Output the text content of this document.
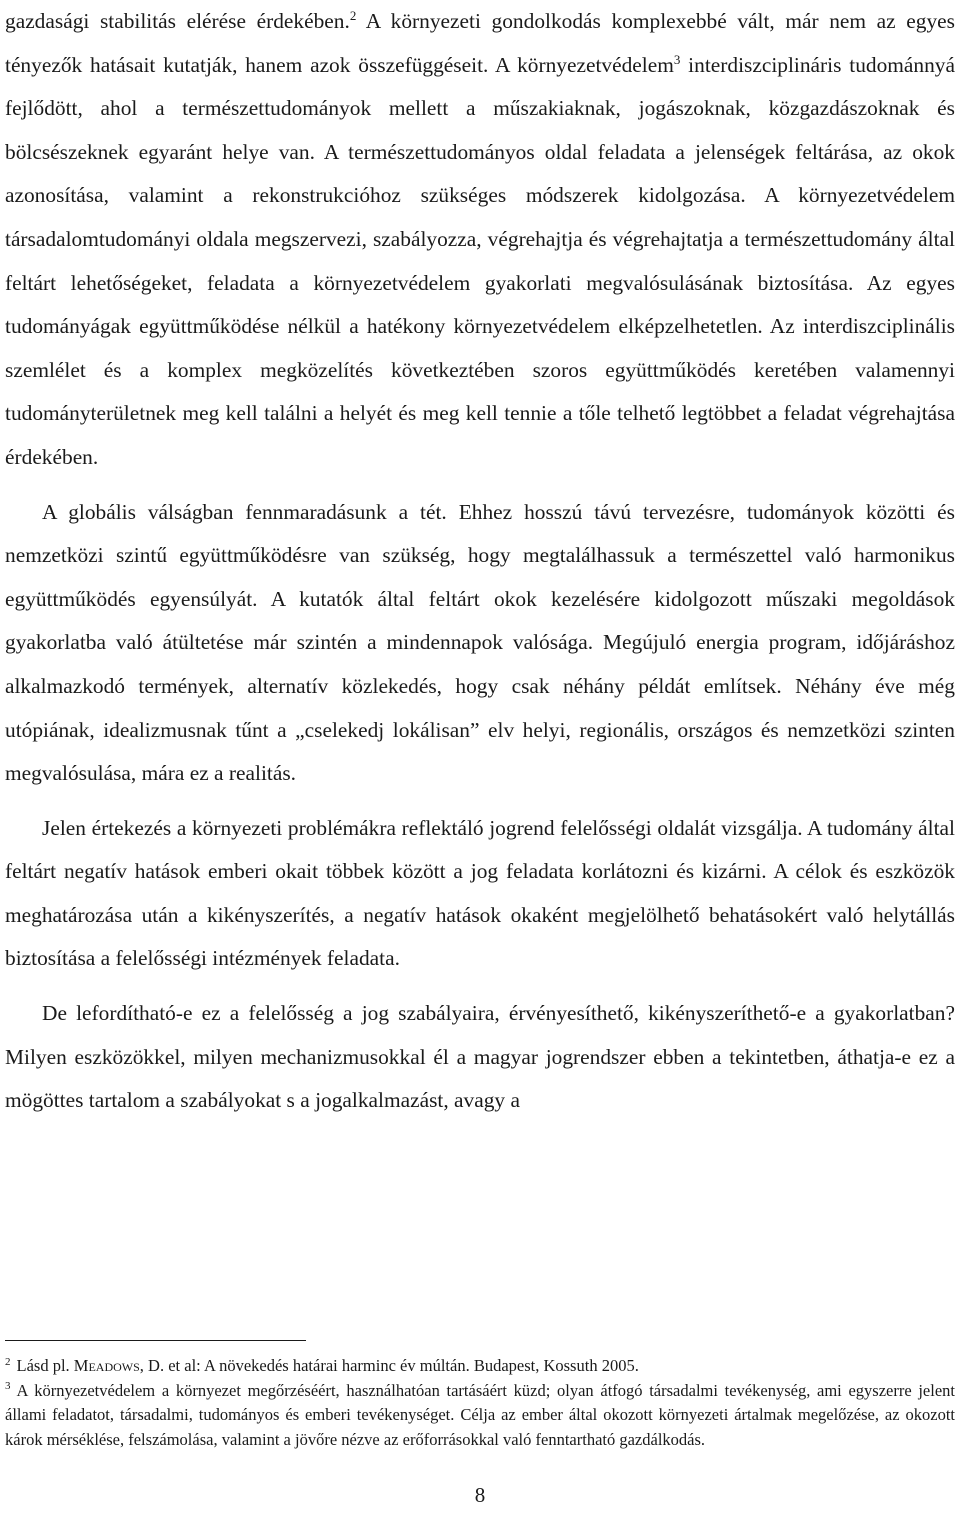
gazdasági stabilitás elérése érdekében.$^2$ A környezeti gondolkodás komplexebbé vált, már nem az egyes tényezők hatásait kutatják, hanem azok összefüggéseit. A környezetvédelem$^3$ interdiszciplináris tudománnyá fejlődött, ahol a természettudományok mellett a műszakiaknak, jogászoknak, közgazdászoknak és bölcsészeknek egyaránt helye van. A természettudományos oldal feladata a jelenségek feltárása, az okok azonosítása, valamint a rekonstrukcióhoz szükséges módszerek kidolgozása. A környezetvédelem társadalomtudományi oldala megszervezi, szabályozza, végrehajtja és végrehajtatja a természettudomány által feltárt lehetőségeket, feladata a környezetvédelem gyakorlati megvalósulásának biztosítása. Az egyes tudományágak együttműködése nélkül a hatékony környezetvédelem elképzelhetetlen. Az interdiszciplinális szemlélet és a komplex megközelítés következtében szoros együttműködés keretében valamennyi tudományterületnek meg kell találni a helyét és meg kell tennie a tőle telhető legtöbbet a feladat végrehajtása érdekében.

A globális válságban fennmaradásunk a tét. Ehhez hosszú távú tervezésre, tudományok közötti és nemzetközi szintű együttműködésre van szükség, hogy megtalálhassuk a természettel való harmonikus együttműködés egyensúlyát. A kutatók által feltárt okok kezelésére kidolgozott műszaki megoldások gyakorlatba való átültetése már szintén a mindennapok valósága. Megújuló energia program, időjáráshoz alkalmazkodó termények, alternatív közlekedés, hogy csak néhány példát említsek. Néhány éve még utópiának, idealizmusnak tűnt a „cselekedj lokálisan” elv helyi, regionális, országos és nemzetközi szinten megvalósulása, mára ez a realitás.

Jelen értekezés a környezeti problémákra reflektáló jogrend felelősségi oldalát vizsgálja. A tudomány által feltárt negatív hatások emberi okait többek között a jog feladata korlátozni és kizárni. A célok és eszközök meghatározása után a kikényszerítés, a negatív hatások okaként megjelölhető behatásokért való helytállás biztosítása a felelősségi intézmények feladata.

De lefordítható-e ez a felelősség a jog szabályaira, érvényesíthető, kikényszeríthető-e a gyakorlatban? Milyen eszközökkel, milyen mechanizmusokkal él a magyar jogrendszer ebben a tekintetben, áthatja-e ez a mögöttes tartalom a szabályokat s a jogalkalmazást, avagy a

$^2$ Lásd pl. Meadows, D. et al: A növekedés határai harminc év múltán. Budapest, Kossuth 2005.

$^3$ A környezetvédelem a környezet megőrzéséért, használhatóan tartásáért küzd; olyan átfogó társadalmi tevékenység, ami egyszerre jelent állami feladatot, társadalmi, tudományos és emberi tevékenységet. Célja az ember által okozott környezeti ártalmak megelőzése, az okozott károk mérséklése, felszámolása, valamint a jövőre nézve az erőforrásokkal való fenntartható gazdálkodás.

8
